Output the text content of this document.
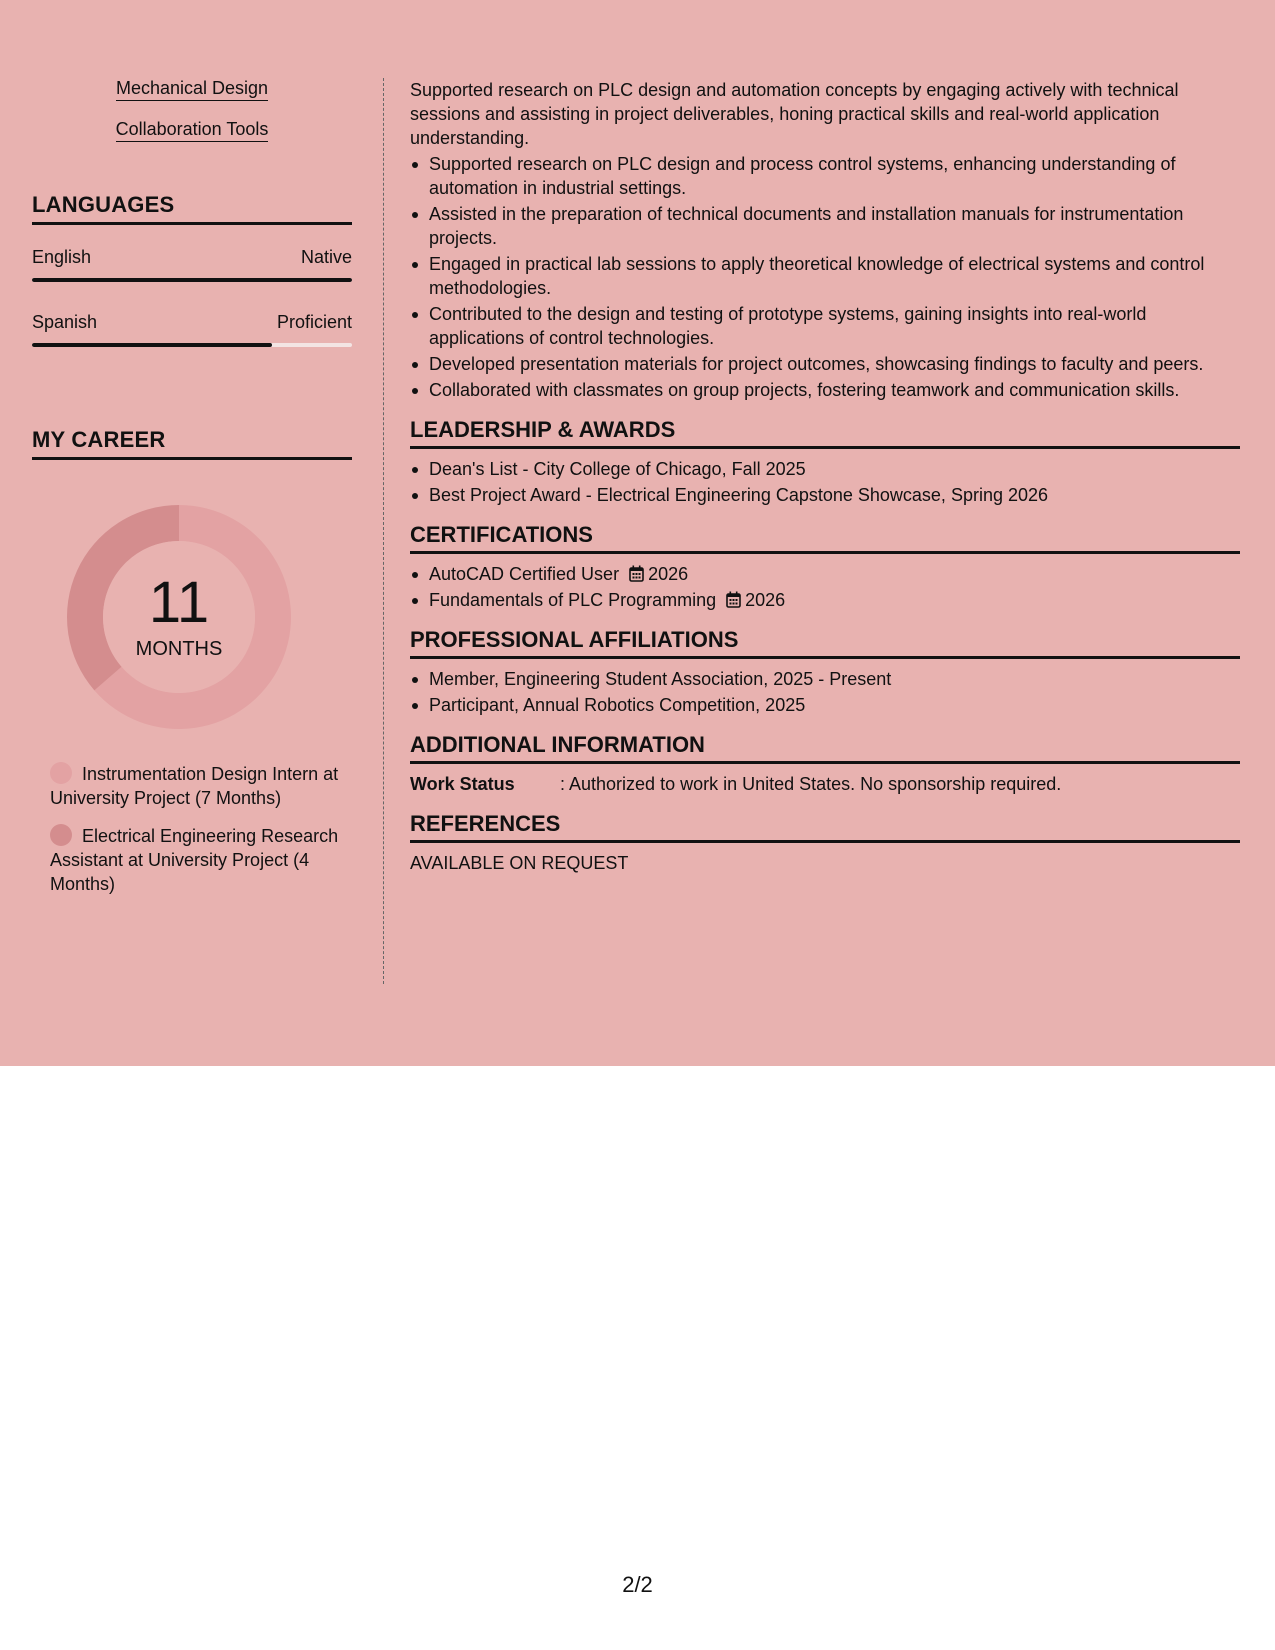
Mechanical Design
Collaboration Tools
LANGUAGES
English	Native
Spanish	Proficient
MY CAREER
11
MONTHS
Instrumentation Design Intern at University Project (7 Months)
Electrical Engineering Research Assistant at University Project (4 Months)

Supported research on PLC design and automation concepts by engaging actively with technical sessions and assisting in project deliverables, honing practical skills and real-world application understanding.

Supported research on PLC design and process control systems, enhancing understanding of automation in industrial settings.
Assisted in the preparation of technical documents and installation manuals for instrumentation projects.
Engaged in practical lab sessions to apply theoretical knowledge of electrical systems and control methodologies.
Contributed to the design and testing of prototype systems, gaining insights into real-world applications of control technologies.
Developed presentation materials for project outcomes, showcasing findings to faculty and peers.
Collaborated with classmates on group projects, fostering teamwork and communication skills.
LEADERSHIP & AWARDS
Dean's List - City College of Chicago, Fall 2025
Best Project Award - Electrical Engineering Capstone Showcase, Spring 2026
CERTIFICATIONS
AutoCAD Certified User 2026
Fundamentals of PLC Programming 2026
PROFESSIONAL AFFILIATIONS
Member, Engineering Student Association, 2025 - Present
Participant, Annual Robotics Competition, 2025
ADDITIONAL INFORMATION
Work Status	: Authorized to work in United States. No sponsorship required.
REFERENCES
AVAILABLE ON REQUEST
2/2
